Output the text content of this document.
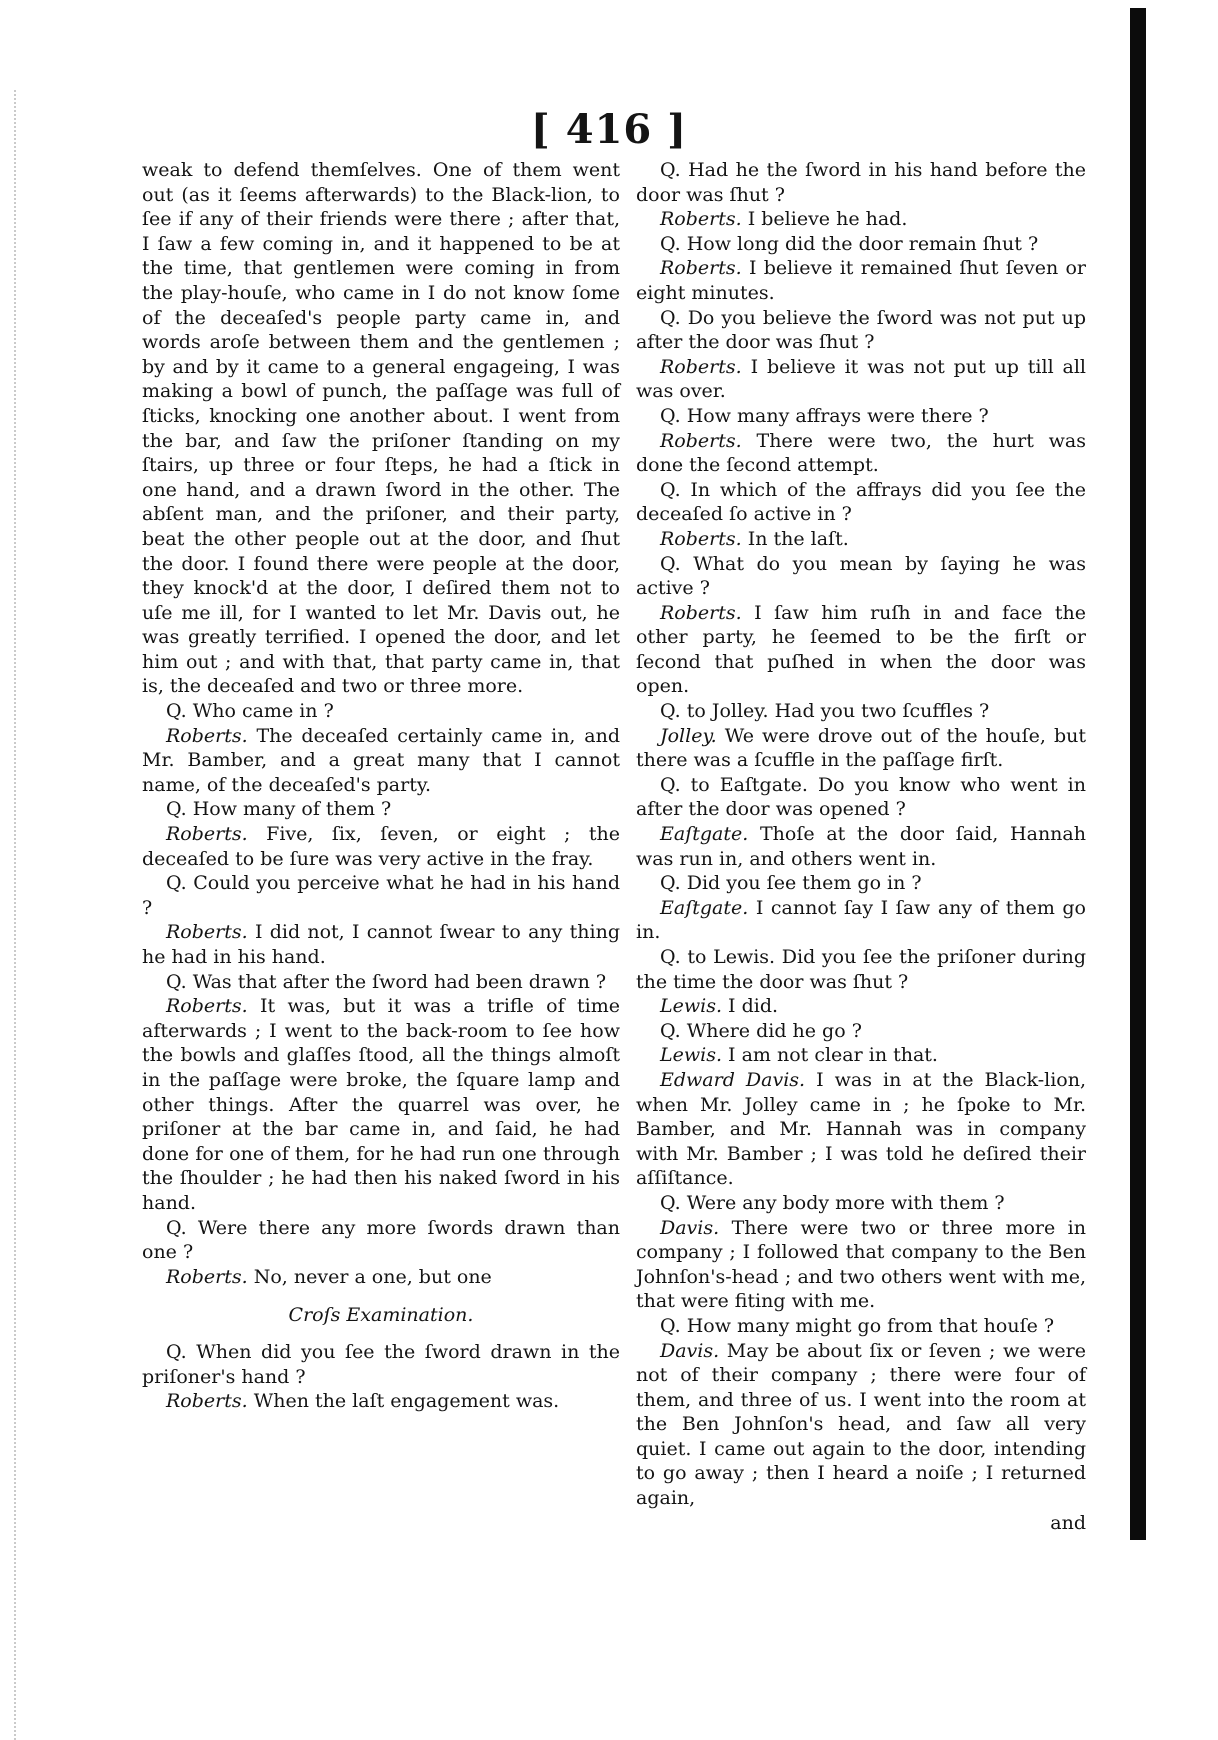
[ 416 ]

weak to defend themſelves. One of them went out (as it ſeems afterwards) to the Black-lion, to ſee if any of their friends were there ; after that, I ſaw a few coming in, and it happened to be at the time, that gentlemen were coming in from the play-houſe, who came in I do not know ſome of the deceaſed's people party came in, and words aroſe between them and the gentlemen ; by and by it came to a general engageing, I was making a bowl of punch, the paſſage was full of ſticks, knocking one another about. I went from the bar, and ſaw the priſoner ſtanding on my ſtairs, up three or four ſteps, he had a ſtick in one hand, and a drawn ſword in the other. The abſent man, and the priſoner, and their party, beat the other people out at the door, and ſhut the door. I found there were people at the door, they knock'd at the door, I deſired them not to uſe me ill, for I wanted to let Mr. Davis out, he was greatly terrified. I opened the door, and let him out ; and with that, that party came in, that is, the deceaſed and two or three more.

Q. Who came in ?

Roberts. The deceaſed certainly came in, and Mr. Bamber, and a great many that I cannot name, of the deceaſed's party.

Q. How many of them ?

Roberts. Five, ſix, ſeven, or eight ; the deceaſed to be ſure was very active in the fray.

Q. Could you perceive what he had in his hand ?

Roberts. I did not, I cannot ſwear to any thing he had in his hand.

Q. Was that after the ſword had been drawn ?

Roberts. It was, but it was a trifle of time afterwards ; I went to the back-room to ſee how the bowls and glaſſes ſtood, all the things almoſt in the paſſage were broke, the ſquare lamp and other things. After the quarrel was over, he priſoner at the bar came in, and ſaid, he had done for one of them, for he had run one through the ſhoulder ; he had then his naked ſword in his hand.

Q. Were there any more ſwords drawn than one ?

Roberts. No, never a one, but one

Croſs Examination.

Q. When did you ſee the ſword drawn in the priſoner's hand ?

Roberts. When the laſt engagement was.

Q. Had he the ſword in his hand before the door was ſhut ?

Roberts. I believe he had.

Q. How long did the door remain ſhut ?

Roberts. I believe it remained ſhut ſeven or eight minutes.

Q. Do you believe the ſword was not put up after the door was ſhut ?

Roberts. I believe it was not put up till all was over.

Q. How many affrays were there ?

Roberts. There were two, the hurt was done the ſecond attempt.

Q. In which of the affrays did you ſee the deceaſed ſo active in ?

Roberts. In the laſt.

Q. What do you mean by ſaying he was active ?

Roberts. I ſaw him ruſh in and face the other party, he ſeemed to be the firſt or ſecond that puſhed in when the door was open.

Q. to Jolley. Had you two ſcuffles ?

Jolley. We were drove out of the houſe, but there was a ſcuffle in the paſſage firſt.

Q. to Eaſtgate. Do you know who went in after the door was opened ?

Eaſtgate. Thoſe at the door ſaid, Hannah was run in, and others went in.

Q. Did you ſee them go in ?

Eaſtgate. I cannot ſay I ſaw any of them go in.

Q. to Lewis. Did you ſee the priſoner during the time the door was ſhut ?

Lewis. I did.

Q. Where did he go ?

Lewis. I am not clear in that.

Edward Davis. I was in at the Black-lion, when Mr. Jolley came in ; he ſpoke to Mr. Bamber, and Mr. Hannah was in company with Mr. Bamber ; I was told he deſired their aſſiſtance.

Q. Were any body more with them ?

Davis. There were two or three more in company ; I followed that company to the Ben Johnſon's-head ; and two others went with me, that were fiting with me.

Q. How many might go from that houſe ?

Davis. May be about ſix or ſeven ; we were not of their company ; there were four of them, and three of us. I went into the room at the Ben Johnſon's head, and ſaw all very quiet. I came out again to the door, intending to go away ; then I heard a noiſe ; I returned again,

and
